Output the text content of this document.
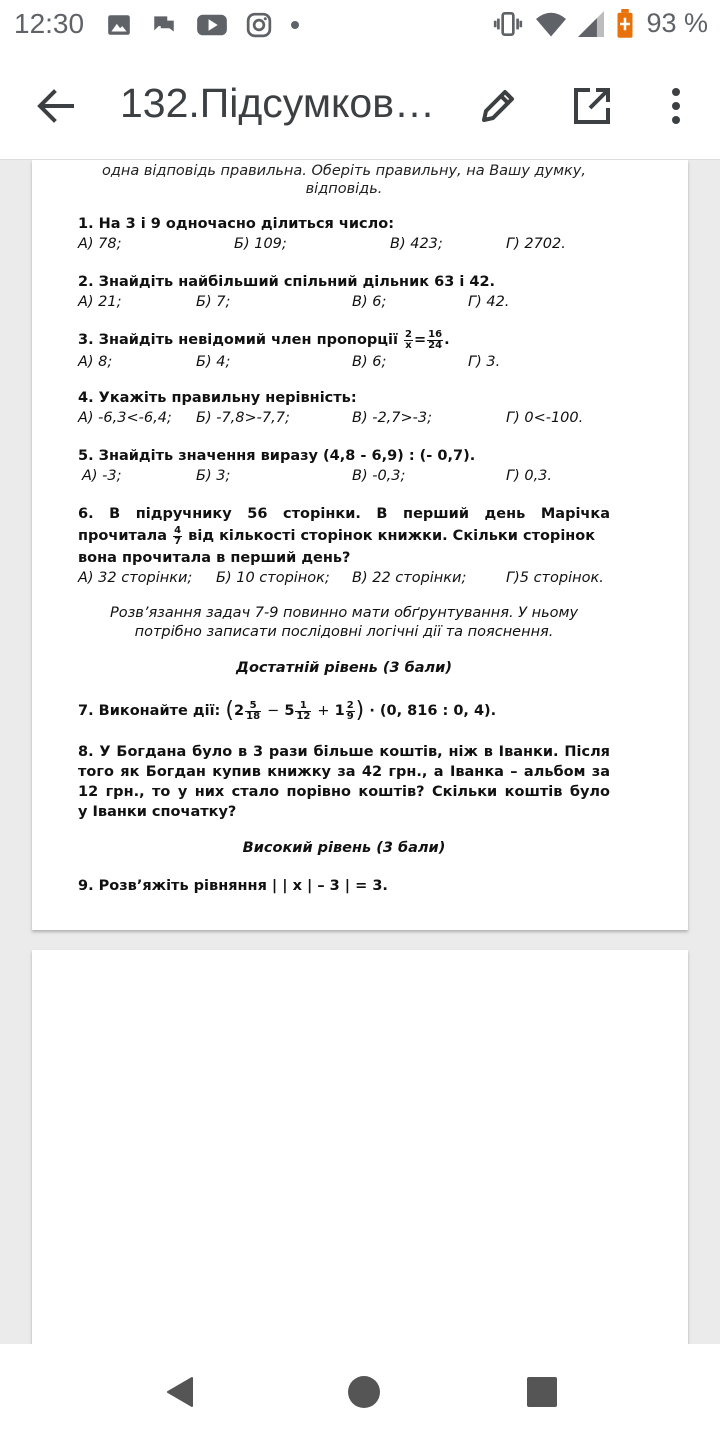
12:30	93 %
132.Підсумков…
одна відповідь правильна. Оберіть правильну, на Вашу думку,
відповідь.
1. На 3 і 9 одночасно ділиться число:
А) 78;	Б) 109;	В) 423;	Г) 2702.
2. Знайдіть найбільший спільний дільник 63 і 42.
А) 21;	Б) 7;	В) 6;	Г) 42.
3. Знайдіть невідомий член пропорції $\frac{2}{x} = \frac{16}{24}$ .
А) 8;	Б) 4;	В) 6;	Г) 3.
4. Укажіть правильну нерівність:
А) -6,3<-6,4; Б) -7,8>-7,7;	В) -2,7>-3;	Г) 0<-100.
5. Знайдіть значення виразу (4,8 - 6,9) : (- 0,7).
А) -3;	Б) 3;	В) -0,3;	Г) 0,3.
6. В підручнику 56 сторінки. В перший день Марічка
прочитала $\frac{4}{7}$ від кількості сторінок книжки. Скільки сторінок
вона прочитала в перший день?
А) 32 сторінки; Б) 10 сторінок; В) 22 сторінки;	Г)5 сторінок.
Розв’язання задач 7-9 повинно мати обґрунтування. У ньому
потрібно записати послідовні логічні дії та пояснення.
Достатній рівень (3 бали)
7. Виконайте дії: ($2 \frac{5}{18} - 5 \frac{1}{12} + 1 \frac{2}{9}$ ) · (0, 816 : 0, 4).
8. У Богдана було в 3 рази більше коштів, ніж в Іванки. Після
того як Богдан купив книжку за 42 грн., а Іванка – альбом за
12 грн., то у них стало порівно коштів? Скільки коштів було
у Іванки спочатку?
Високий рівень (3 бали)
9. Розв’яжіть рівняння | | x | – 3 | = 3.
